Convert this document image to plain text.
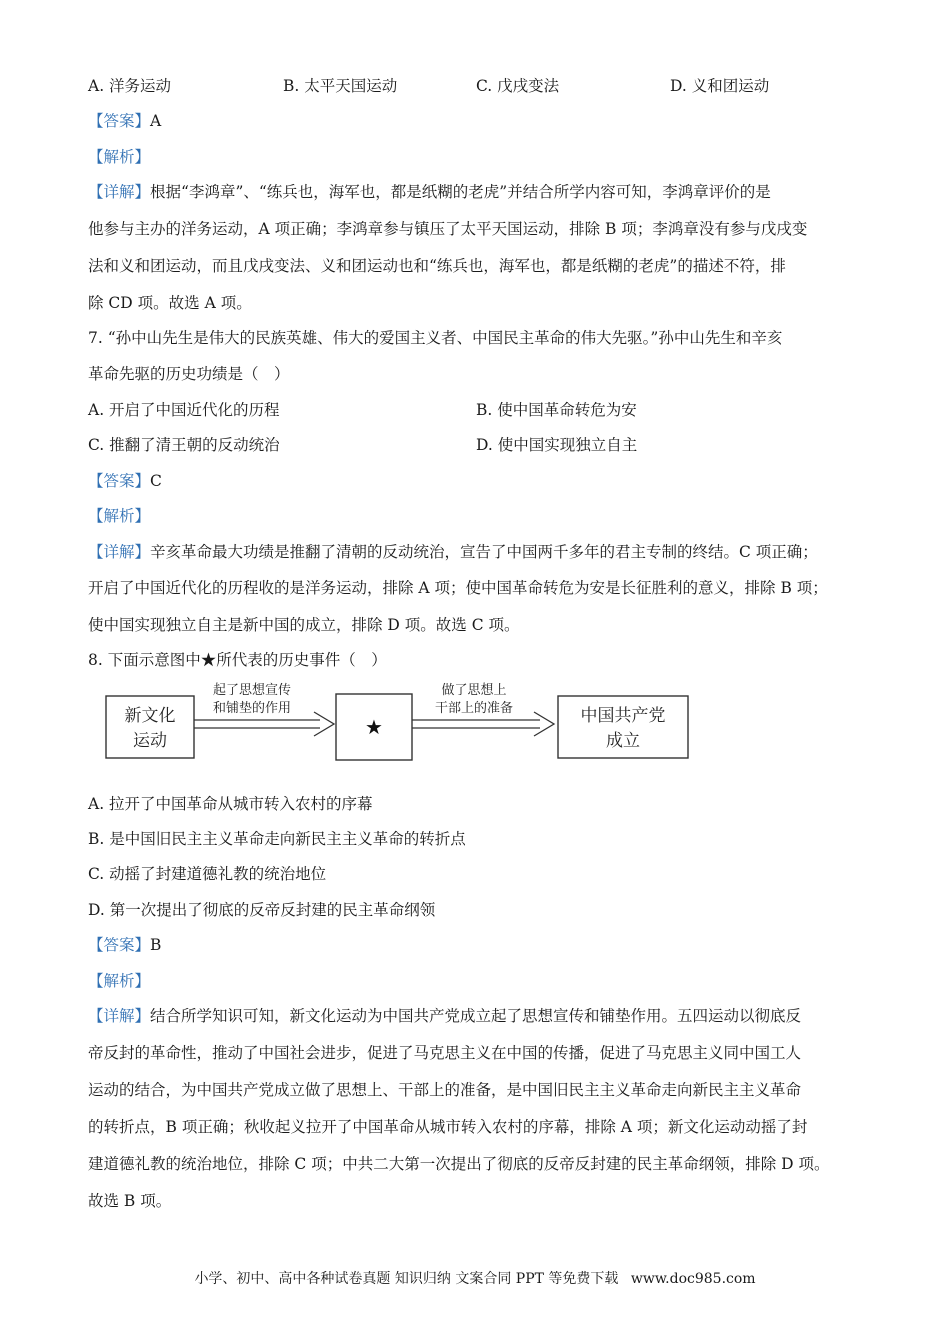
A. 洋务运动	B. 太平天国运动	C. 戊戌变法	D. 义和团运动
【答案】A
【解析】
【详解】根据“李鸿章”、“练兵也，海军也，都是纸糊的老虎”并结合所学内容可知，李鸿章评价的是
他参与主办的洋务运动，A 项正确；李鸿章参与镇压了太平天国运动，排除 B 项；李鸿章没有参与戊戌变
法和义和团运动，而且戊戌变法、义和团运动也和“练兵也，海军也，都是纸糊的老虎”的描述不符，排
除 CD 项。故选 A 项。
7. “孙中山先生是伟大的民族英雄、伟大的爱国主义者、中国民主革命的伟大先驱。”孙中山先生和辛亥
革命先驱的历史功绩是（　）
A. 开启了中国近代化的历程	B. 使中国革命转危为安
C. 推翻了清王朝的反动统治	D. 使中国实现独立自主
【答案】C
【解析】
【详解】辛亥革命最大功绩是推翻了清朝的反动统治，宣告了中国两千多年的君主专制的终结。C 项正确；
开启了中国近代化的历程收的是洋务运动，排除 A 项；使中国革命转危为安是长征胜利的意义，排除 B 项；
使中国实现独立自主是新中国的成立，排除 D 项。故选 C 项。
8. 下面示意图中★所代表的历史事件（　）
新文化
运动
起了思想宣传
和铺垫的作用
★
做了思想上
干部上的准备	中国共产党
成立
A. 拉开了中国革命从城市转入农村的序幕
B. 是中国旧民主主义革命走向新民主主义革命的转折点
C. 动摇了封建道德礼教的统治地位
D. 第一次提出了彻底的反帝反封建的民主革命纲领
【答案】B
【解析】
【详解】结合所学知识可知，新文化运动为中国共产党成立起了思想宣传和铺垫作用。五四运动以彻底反
帝反封的革命性，推动了中国社会进步，促进了马克思主义在中国的传播，促进了马克思主义同中国工人
运动的结合，为中国共产党成立做了思想上、干部上的准备，是中国旧民主主义革命走向新民主主义革命
的转折点，B 项正确；秋收起义拉开了中国革命从城市转入农村的序幕，排除 A 项；新文化运动动摇了封
建道德礼教的统治地位，排除 C 项；中共二大第一次提出了彻底的反帝反封建的民主革命纲领，排除 D 项。
故选 B 项。
小学、初中、高中各种试卷真题 知识归纳 文案合同 PPT 等免费下载 www.doc985.com
